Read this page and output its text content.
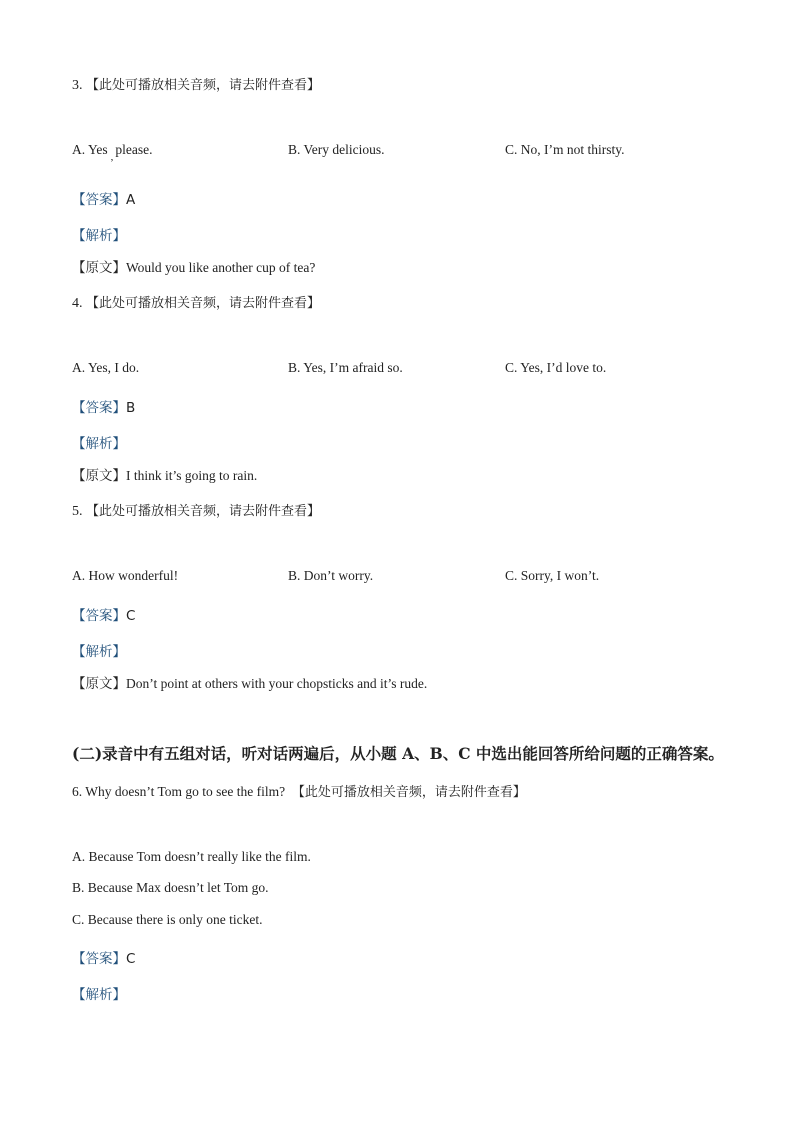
3. 【此处可播放相关音频，请去附件查看】
A. Yes $_,$ please.	B. Very delicious.	C. No, I’m not thirsty.
【答案】A
【解析】
【原文】Would you like another cup of tea?
4. 【此处可播放相关音频，请去附件查看】
A. Yes, I do.	B. Yes, I’m afraid so.	C. Yes, I’d love to.
【答案】B
【解析】
【原文】I think it’s going to rain.
5. 【此处可播放相关音频，请去附件查看】
A. How wonderful!	B. Don’t worry.	C. Sorry, I won’t.
【答案】C
【解析】
【原文】Don’t point at others with your chopsticks and it’s rude.
(二)录音中有五组对话，听对话两遍后，从小题 A、B、C 中选出能回答所给问题的正确答案。
6. Why doesn’t Tom go to see the film? 【此处可播放相关音频，请去附件查看】
A. Because Tom doesn’t really like the film.
B. Because Max doesn’t let Tom go.
C. Because there is only one ticket.
【答案】C
【解析】
